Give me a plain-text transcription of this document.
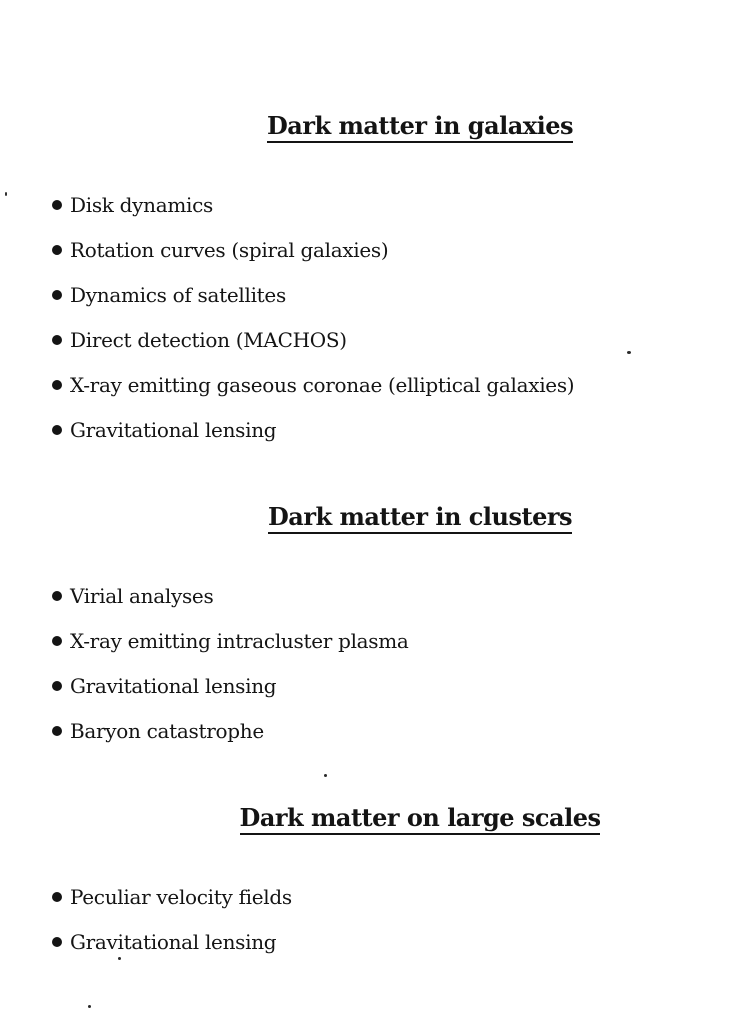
Dark matter in galaxies
Disk dynamics
Rotation curves (spiral galaxies)
Dynamics of satellites
Direct detection (MACHOS)
X-ray emitting gaseous coronae (elliptical galaxies)
Gravitational lensing
Dark matter in clusters
Virial analyses
X-ray emitting intracluster plasma
Gravitational lensing
Baryon catastrophe
Dark matter on large scales
Peculiar velocity fields
Gravitational lensing
